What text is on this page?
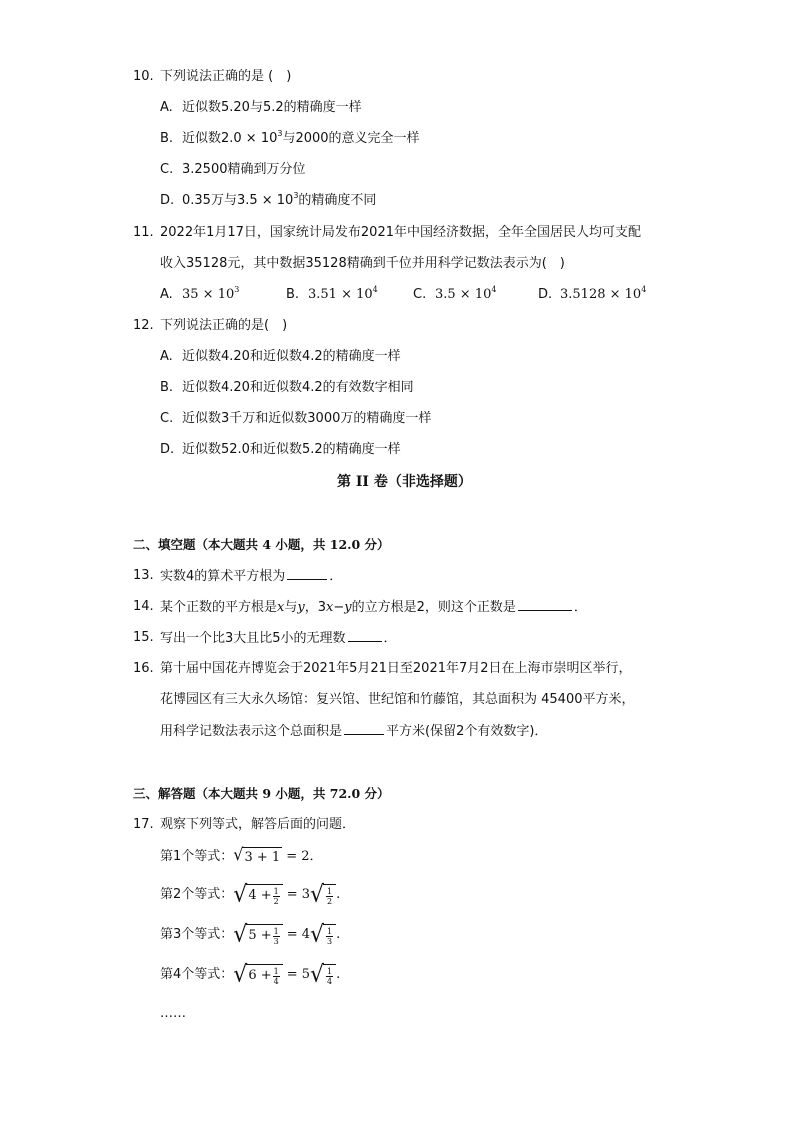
10. 下列说法正确的是 (　)
A. 近似数5.20与5.2的精确度一样
B. 近似数$2.0 \times 10^3$与2000的意义完全一样
C. 3.2500精确到万分位
D. 0.35万与$3.5 \times 10^3$的精确度不同
11. 2022年1月17日，国家统计局发布2021年中国经济数据，全年全国居民人均可支配
收入35128元，其中数据35128精确到千位并用科学记数法表示为(　)
A. $35 \times 10^3$	B. $3.51 \times 10^4$	C. $3.5 \times 10^4$	D. $3.5128 \times 10^4$
12. 下列说法正确的是(　)
A. 近似数4.20和近似数4.2的精确度一样
B. 近似数4.20和近似数4.2的有效数字相同
C. 近似数3千万和近似数3000万的精确度一样
D. 近似数52.0和近似数5.2的精确度一样
第 II 卷（非选择题）
二、填空题（本大题共 4 小题，共 12.0 分）
13. 实数4的算术平方根为	．
14. 某个正数的平方根是x与y，3x−y的立方根是2，则这个正数是	．
15. 写出一个比3大且比5小的无理数	．
16. 第十届中国花卉博览会于2021年5月21日至2021年7月2日在上海市崇明区举行，
花博园区有三大永久场馆：复兴馆、世纪馆和竹藤馆，其总面积为 45400平方米，
用科学记数法表示这个总面积是	平方米(保留2个有效数字)．
三、解答题（本大题共 9 小题，共 72.0 分）
17. 观察下列等式，解答后面的问题．
第1个等式： √ 3 + 1 = 2．
第2个等式： √ $4 + \frac{1}{2} = 3$ √ $\frac{1}{2}$ .
第3个等式： √ $5 + \frac{1}{3} = 4$ √ $\frac{1}{3}$ .
第4个等式： √ $6 + \frac{1}{4} = 5$ √ $\frac{1}{4}$ .
……
